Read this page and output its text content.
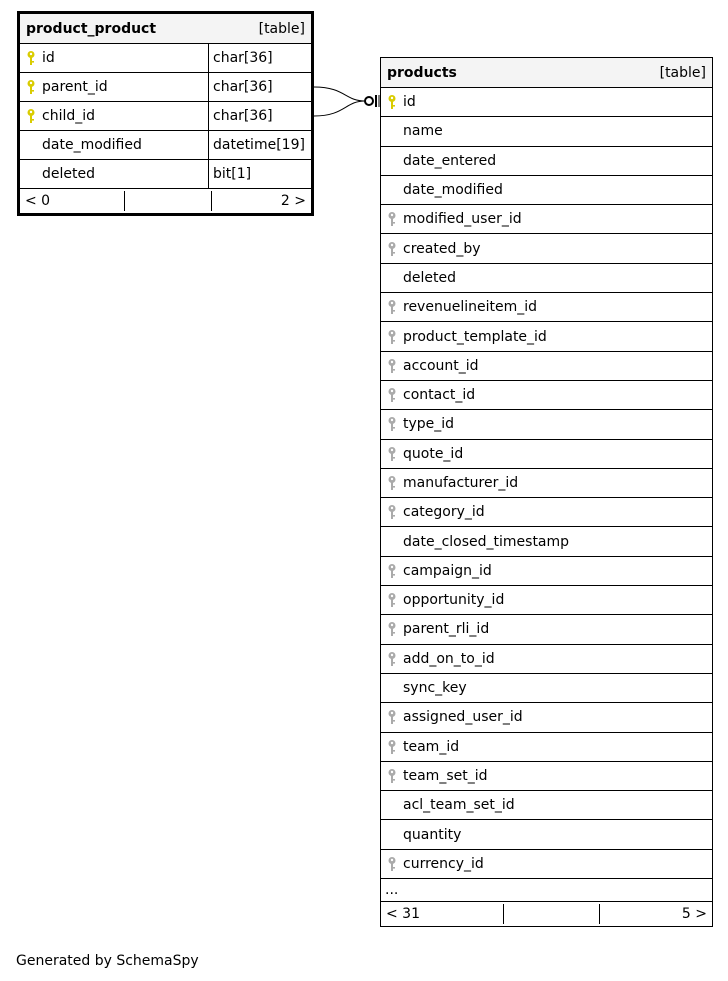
product_product	[table]
id	char[36]
parent_id	char[36]
child_id	char[36]
date_modified	datetime[19]
deleted	bit[1]
< 0	2 >
products	[table]
id
name
date_entered
date_modified
modified_user_id
created_by
deleted
revenuelineitem_id
product_template_id
account_id
contact_id
type_id
quote_id
manufacturer_id
category_id
date_closed_timestamp
campaign_id
opportunity_id
parent_rli_id
add_on_to_id
sync_key
assigned_user_id
team_id
team_set_id
acl_team_set_id
quantity
currency_id
...
< 31	5 >
Generated by SchemaSpy
